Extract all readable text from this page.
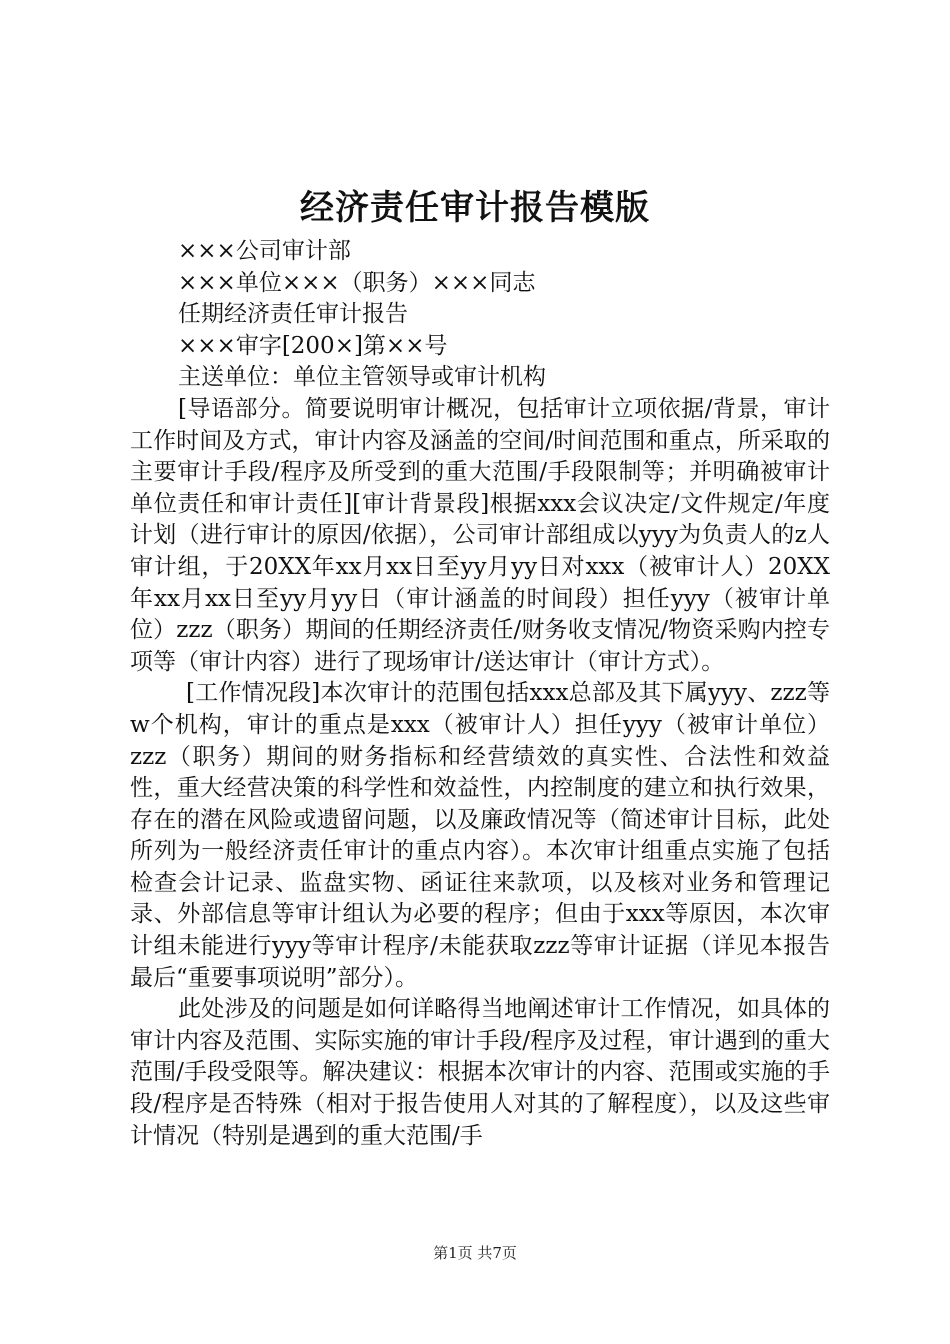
经济责任审计报告模版

×××公司审计部

×××单位×××（职务）×××同志

任期经济责任审计报告

×××审字[200×]第××号

主送单位：单位主管领导或审计机构

[导语部分。简要说明审计概况，包括审计立项依据/背景，审计工作时间及方式，审计内容及涵盖的空间/时间范围和重点，所采取的主要审计手段/程序及所受到的重大范围/手段限制等；并明确被审计单位责任和审计责任][审计背景段]根据xxx会议决定/文件规定/年度计划（进行审计的原因/依据），公司审计部组成以yyy为负责人的z人审计组，于20XX年xx月xx日至yy月yy日对xxx（被审计人）20XX年xx月xx日至yy月yy日（审计涵盖的时间段）担任yyy（被审计单位）zzz（职务）期间的任期经济责任/财务收支情况/物资采购内控专项等（审计内容）进行了现场审计/送达审计（审计方式）。

[工作情况段]本次审计的范围包括xxx总部及其下属yyy、zzz等w个机构，审计的重点是xxx（被审计人）担任yyy（被审计单位）zzz（职务）期间的财务指标和经营绩效的真实性、合法性和效益性，重大经营决策的科学性和效益性，内控制度的建立和执行效果，存在的潜在风险或遗留问题，以及廉政情况等（简述审计目标，此处所列为一般经济责任审计的重点内容）。本次审计组重点实施了包括检查会计记录、监盘实物、函证往来款项，以及核对业务和管理记录、外部信息等审计组认为必要的程序；但由于xxx等原因，本次审计组未能进行yyy等审计程序/未能获取zzz等审计证据（详见本报告最后“重要事项说明”部分）。

此处涉及的问题是如何详略得当地阐述审计工作情况，如具体的审计内容及范围、实际实施的审计手段/程序及过程，审计遇到的重大范围/手段受限等。解决建议：根据本次审计的内容、范围或实施的手段/程序是否特殊（相对于报告使用人对其的了解程度），以及这些审计情况（特别是遇到的重大范围/手

第1页 共7页
